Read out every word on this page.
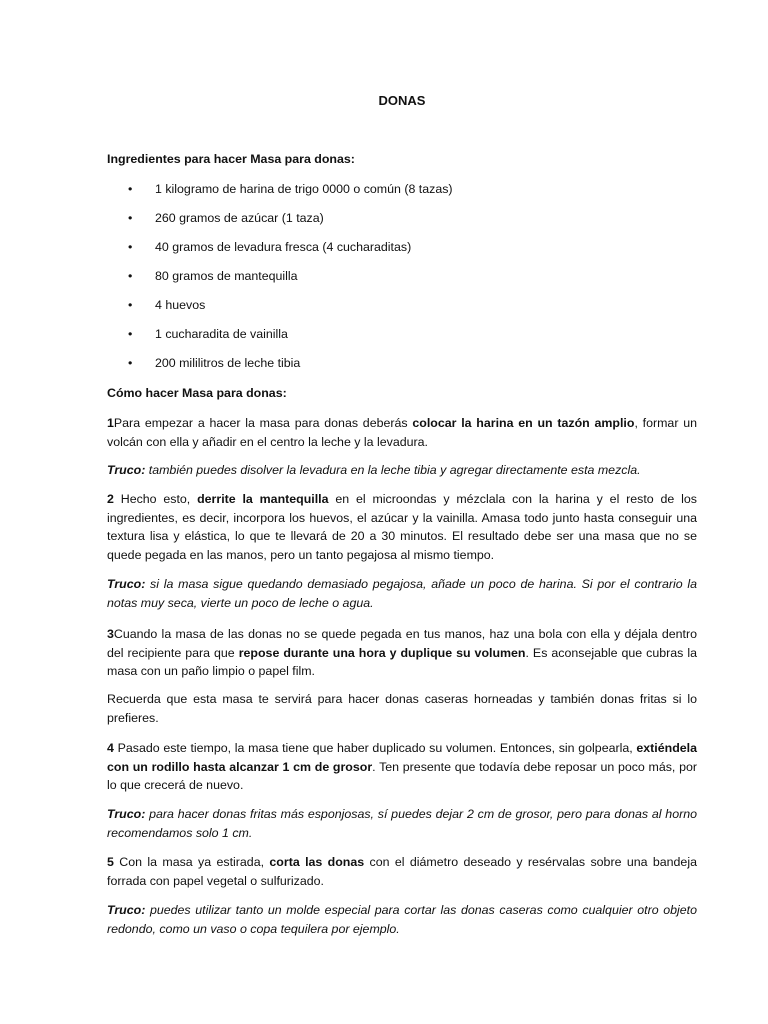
DONAS
Ingredientes para hacer Masa para donas:
• 1 kilogramo de harina de trigo 0000 o común (8 tazas)
• 260 gramos de azúcar (1 taza)
• 40 gramos de levadura fresca (4 cucharaditas)
• 80 gramos de mantequilla
• 4 huevos
• 1 cucharadita de vainilla
• 200 mililitros de leche tibia
Cómo hacer Masa para donas:
1Para empezar a hacer la masa para donas deberás colocar la harina en un tazón amplio, formar un volcán con ella y añadir en el centro la leche y la levadura.
Truco: también puedes disolver la levadura en la leche tibia y agregar directamente esta mezcla.
2 Hecho esto, derrite la mantequilla en el microondas y mézclala con la harina y el resto de los ingredientes, es decir, incorpora los huevos, el azúcar y la vainilla. Amasa todo junto hasta conseguir una textura lisa y elástica, lo que te llevará de 20 a 30 minutos. El resultado debe ser una masa que no se quede pegada en las manos, pero un tanto pegajosa al mismo tiempo.
Truco: si la masa sigue quedando demasiado pegajosa, añade un poco de harina. Si por el contrario la notas muy seca, vierte un poco de leche o agua.
3Cuando la masa de las donas no se quede pegada en tus manos, haz una bola con ella y déjala dentro del recipiente para que repose durante una hora y duplique su volumen. Es aconsejable que cubras la masa con un paño limpio o papel film.
Recuerda que esta masa te servirá para hacer donas caseras horneadas y también donas fritas si lo prefieres.
4 Pasado este tiempo, la masa tiene que haber duplicado su volumen. Entonces, sin golpearla, extiéndela con un rodillo hasta alcanzar 1 cm de grosor. Ten presente que todavía debe reposar un poco más, por lo que crecerá de nuevo.
Truco: para hacer donas fritas más esponjosas, sí puedes dejar 2 cm de grosor, pero para donas al horno recomendamos solo 1 cm.
5 Con la masa ya estirada, corta las donas con el diámetro deseado y resérvalas sobre una bandeja forrada con papel vegetal o sulfurizado.
Truco: puedes utilizar tanto un molde especial para cortar las donas caseras como cualquier otro objeto redondo, como un vaso o copa tequilera por ejemplo.
